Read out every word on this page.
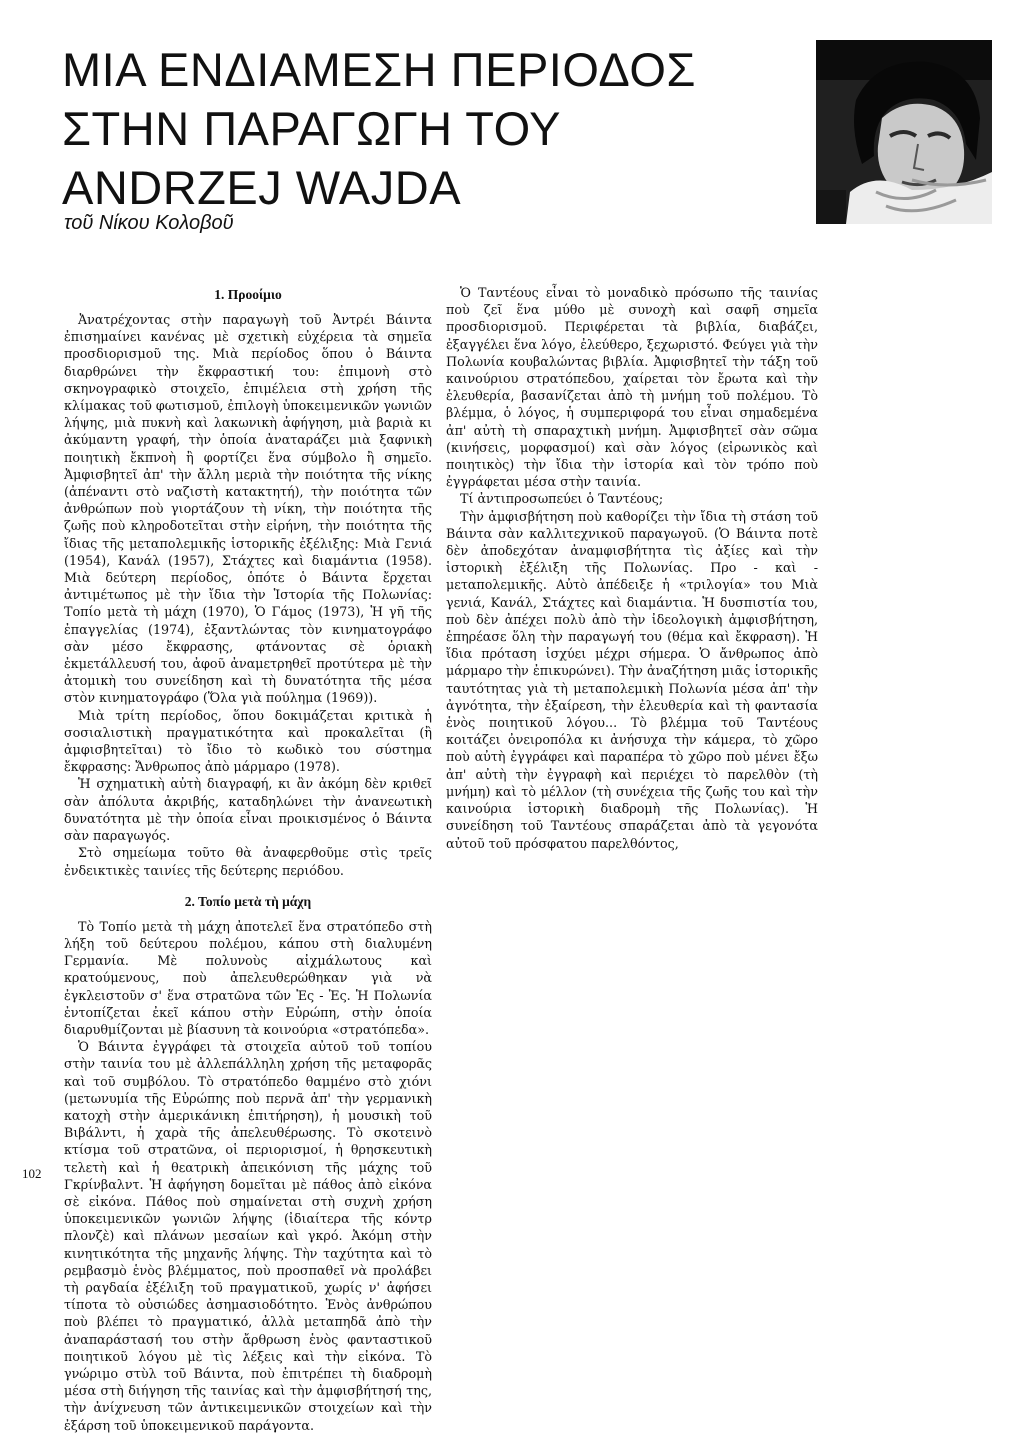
ΜΙΑ ΕΝΔΙΑΜΕΣΗ ΠΕΡΙΟΔΟΣ
ΣΤΗΝ ΠΑΡΑΓΩΓΗ ΤΟΥ
ANDRZEJ WAJDA

τοῦ Νίκου Κολοβοῦ

1. Προοίμιο

Ἀνατρέχοντας στὴν παραγωγὴ τοῦ Ἀντρέι Βάιντα ἐπισημαίνει κανένας μὲ σχετικὴ εὐχέρεια τὰ σημεῖα προσδιορισμοῦ της. Μιὰ περίοδος ὅπου ὁ Βάιντα διαρθρώνει τὴν ἔκφραστική του: ἐπιμονὴ στὸ σκηνογραφικὸ στοιχεῖο, ἐπιμέλεια στὴ χρήση τῆς κλίμακας τοῦ φωτισμοῦ, ἐπιλογὴ ὑποκειμενικῶν γωνιῶν λήψης, μιὰ πυκνὴ καὶ λακωνικὴ ἀφήγηση, μιὰ βαριὰ κι ἀκύμαντη γραφή, τὴν ὁποία ἀναταράζει μιὰ ξαφνικὴ ποιητικὴ ἔκπνοὴ ἢ φορτίζει ἕνα σύμβολο ἢ σημεῖο. Ἀμφισβητεῖ ἀπ' τὴν ἄλλη μεριὰ τὴν ποιότητα τῆς νίκης (ἀπέναντι στὸ ναζιστὴ κατακτητή), τὴν ποιότητα τῶν ἀνθρώπων ποὺ γιορτάζουν τὴ νίκη, τὴν ποιότητα τῆς ζωῆς ποὺ κληροδοτεῖται στὴν εἰρήνη, τὴν ποιότητα τῆς ἴδιας τῆς μεταπολεμικῆς ἱστορικῆς ἐξέλιξης: Μιὰ Γενιά (1954), Κανάλ (1957), Στάχτες καὶ διαμάντια (1958). Μιὰ δεύτερη περίοδος, ὁπότε ὁ Βάιντα ἔρχεται ἀντιμέτωπος μὲ τὴν ἴδια τὴν Ἱστορία τῆς Πολωνίας: Τοπίο μετὰ τὴ μάχη (1970), Ὁ Γάμος (1973), Ἡ γῆ τῆς ἐπαγγελίας (1974), ἐξαντλώντας τὸν κινηματογράφο σὰν μέσο ἔκφρασης, φτάνοντας σὲ ὁριακὴ ἐκμετάλλευσή του, ἀφοῦ ἀναμετρηθεῖ προτύτερα μὲ τὴν ἀτομικὴ του συνείδηση καὶ τὴ δυνατότητα τῆς μέσα στὸν κινηματογράφο (Ὅλα γιὰ πούλημα (1969)).

Μιὰ τρίτη περίοδος, ὅπου δοκιμάζεται κριτικὰ ἡ σοσιαλιστικὴ πραγματικότητα καὶ προκαλεῖται (ἢ ἀμφισβητεῖται) τὸ ἴδιο τὸ κωδικὸ του σύστημα ἔκφρασης: Ἄνθρωπος ἀπὸ μάρμαρο (1978).

Ἡ σχηματικὴ αὐτὴ διαγραφή, κι ἂν ἀκόμη δὲν κριθεῖ σὰν ἀπόλυτα ἀκριβής, καταδηλώνει τὴν ἀνανεωτικὴ δυνατότητα μὲ τὴν ὁποία εἶναι προικισμένος ὁ Βάιντα σὰν παραγωγός.

Στὸ σημείωμα τοῦτο θὰ ἀναφερθοῦμε στὶς τρεῖς ἐνδεικτικὲς ταινίες τῆς δεύτερης περιόδου.

2. Τοπίο μετὰ τὴ μάχη

Τὸ Τοπίο μετὰ τὴ μάχη ἀποτελεῖ ἕνα στρατόπεδο στὴ λήξη τοῦ δεύτερου πολέμου, κάπου στὴ διαλυμένη Γερμανία. Μὲ πολυνοὺς αἰχμάλωτους καὶ κρατούμενους, ποὺ ἀπελευθερώθηκαν γιὰ νὰ ἐγκλειστοῦν σ' ἕνα στρατῶνα τῶν Ἐς - Ἐς. Ἡ Πολωνία ἐντοπίζεται ἐκεῖ κάπου στὴν Εὐρώπη, στὴν ὁποία διαρυθμίζονται μὲ βίασυνη τὰ κοινούρια «στρατόπεδα».

Ὁ Βάιντα ἐγγράφει τὰ στοιχεῖα αὐτοῦ τοῦ τοπίου στὴν ταινία του μὲ ἀλλεπάλληλη χρήση τῆς μεταφορᾶς καὶ τοῦ συμβόλου. Τὸ στρατόπεδο θαμμένο στὸ χιόνι (μετωνυμία τῆς Εὐρώπης ποὺ περνᾶ ἀπ' τὴν γερμανικὴ κατοχὴ στὴν ἀμερικάνικη ἐπιτήρηση), ἡ μουσικὴ τοῦ Βιβάλντι, ἡ χαρὰ τῆς ἀπελευθέρωσης. Τὸ σκοτεινὸ κτίσμα τοῦ στρατῶνα, οἱ περιορισμοί, ἡ θρησκευτικὴ τελετὴ καὶ ἡ θεατρικὴ ἀπεικόνιση τῆς μάχης τοῦ Γκρίνβαλντ. Ἡ ἀφήγηση δομεῖται μὲ πάθος ἀπὸ εἰκόνα σὲ εἰκόνα. Πάθος ποὺ σημαίνεται στὴ συχνὴ χρήση ὑποκειμενικῶν γωνιῶν λήψης (ἰδιαίτερα τῆς κόντρ πλονζὲ) καὶ πλάνων μεσαίων καὶ γκρό. Ἀκόμη στὴν κινητικότητα τῆς μηχανῆς λήψης. Τὴν ταχύτητα καὶ τὸ ρεμβασμὸ ἑνὸς βλέμματος, ποὺ προσπαθεῖ νὰ προλάβει τὴ ραγδαία ἐξέλιξη τοῦ πραγματικοῦ, χωρίς ν' ἀφήσει τίποτα τὸ οὐσιώδες ἀσημασιοδότητο. Ἑνὸς ἀνθρώπου ποὺ βλέπει τὸ πραγματικό, ἀλλὰ μεταπηδᾶ ἀπὸ τὴν ἀναπαράστασή του στὴν ἄρθρωση ἑνὸς φανταστικοῦ ποιητικοῦ λόγου μὲ τὶς λέξεις καὶ τὴν εἰκόνα. Τὸ γνώριμο στὺλ τοῦ Βάιντα, ποὺ ἐπιτρέπει τὴ διαδρομὴ μέσα στὴ διήγηση τῆς ταινίας καὶ τὴν ἀμφισβήτησή της, τὴν ἀνίχνευση τῶν ἀντικειμενικῶν στοιχείων καὶ τὴν ἐξάρση τοῦ ὑποκειμενικοῦ παράγοντα.

Ὁ Ταντέους εἶναι τὸ μοναδικὸ πρόσωπο τῆς ταινίας ποὺ ζεῖ ἕνα μύθο μὲ συνοχὴ καὶ σαφῆ σημεῖα προσδιορισμοῦ. Περιφέρεται τὰ βιβλία, διαβάζει, ἐξαγγέλει ἕνα λόγο, ἐλεύθερο, ξεχωριστό. Φεύγει γιὰ τὴν Πολωνία κουβαλώντας βιβλία. Ἀμφισβητεῖ τὴν τάξη τοῦ καινούριου στρατόπεδου, χαίρεται τὸν ἔρωτα καὶ τὴν ἐλευθερία, βασανίζεται ἀπὸ τὴ μνήμη τοῦ πολέμου. Τὸ βλέμμα, ὁ λόγος, ἡ συμπεριφορά του εἶναι σημαδεμένα ἀπ' αὐτὴ τὴ σπαραχτικὴ μνήμη. Ἀμφισβητεῖ σὰν σῶμα (κινήσεις, μορφασμοί) καὶ σὰν λόγος (εἰρωνικὸς καὶ ποιητικὸς) τὴν ἴδια τὴν ἱστορία καὶ τὸν τρόπο ποὺ ἐγγράφεται μέσα στὴν ταινία.

Τί ἀντιπροσωπεύει ὁ Ταντέους;

Τὴν ἀμφισβήτηση ποὺ καθορίζει τὴν ἴδια τὴ στάση τοῦ Βάιντα σὰν καλλιτεχνικοῦ παραγωγοῦ. (Ὁ Βάιντα ποτὲ δὲν ἀποδεχόταν ἀναμφισβήτητα τὶς ἀξίες καὶ τὴν ἱστορικὴ ἐξέλιξη τῆς Πολωνίας. Προ - καὶ - μεταπολεμικῆς. Αὐτὸ ἀπέδειξε ἡ «τριλογία» του Μιὰ γενιά, Κανάλ, Στάχτες καὶ διαμάντια. Ἡ δυσπιστία του, ποὺ δὲν ἀπέχει πολὺ ἀπὸ τὴν ἰδεολογικὴ ἀμφισβήτηση, ἐπηρέασε ὅλη τὴν παραγωγή του (θέμα καὶ ἔκφραση). Ἡ ἴδια πρόταση ἰσχύει μέχρι σήμερα. Ὁ ἄνθρωπος ἀπὸ μάρμαρο τὴν ἐπικυρώνει). Τὴν ἀναζήτηση μιᾶς ἱστορικῆς ταυτότητας γιὰ τὴ μεταπολεμικὴ Πολωνία μέσα ἀπ' τὴν ἀγνότητα, τὴν ἐξαίρεση, τὴν ἐλευθερία καὶ τὴ φαντασία ἑνὸς ποιητικοῦ λόγου... Τὸ βλέμμα τοῦ Ταντέους κοιτάζει ὀνειροπόλα κι ἀνήσυχα τὴν κάμερα, τὸ χῶρο ποὺ αὐτὴ ἐγγράφει καὶ παραπέρα τὸ χῶρο ποὺ μένει ἔξω ἀπ' αὐτὴ τὴν ἐγγραφὴ καὶ περιέχει τὸ παρελθὸν (τὴ μνήμη) καὶ τὸ μέλλον (τὴ συνέχεια τῆς ζωῆς του καὶ τὴν καινούρια ἱστορικὴ διαδρομὴ τῆς Πολωνίας). Ἡ συνείδηση τοῦ Ταντέους σπαράζεται ἀπὸ τὰ γεγονότα αὐτοῦ τοῦ πρόσφατου παρελθόντος,

102
